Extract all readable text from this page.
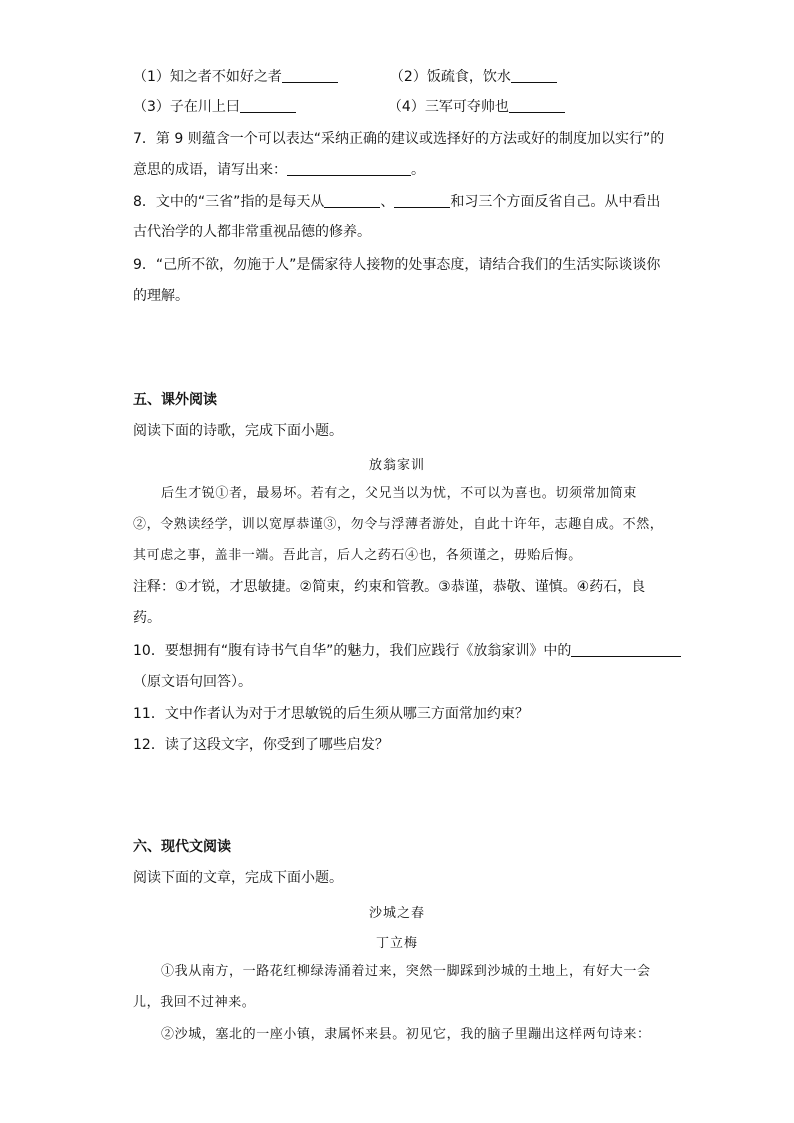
（1）知之者不如好之者	（2）饭疏食，饮水
（3）子在川上曰	（4）三军可夺帅也
7．第 9 则蕴含一个可以表达“采纳正确的建议或选择好的方法或好的制度加以实行”的
意思的成语，请写出来：	。
8．文中的“三省”指的是每天从	、	和习三个方面反省自己。从中看出
古代治学的人都非常重视品德的修养。
9．“己所不欲，勿施于人”是儒家待人接物的处事态度，请结合我们的生活实际谈谈你
的理解。
五、课外阅读
阅读下面的诗歌，完成下面小题。
放翁家训
后生才锐①者，最易坏。若有之，父兄当以为忧，不可以为喜也。切须常加简束
②，令熟读经学，训以宽厚恭谨③，勿令与浮薄者游处，自此十许年，志趣自成。不然，
其可虑之事，盖非一端。吾此言，后人之药石④也，各须谨之，毋贻后悔。
注释：①才锐，才思敏捷。②简束，约束和管教。③恭谨，恭敬、谨慎。④药石，良
药。
10．要想拥有“腹有诗书气自华”的魅力，我们应践行《放翁家训》中的
（原文语句回答）。
11．文中作者认为对于才思敏锐的后生须从哪三方面常加约束？
12．读了这段文字，你受到了哪些启发？
六、现代文阅读
阅读下面的文章，完成下面小题。
沙城之春
丁立梅
①我从南方，一路花红柳绿涛涌着过来，突然一脚踩到沙城的土地上，有好大一会
儿，我回不过神来。
②沙城，塞北的一座小镇，隶属怀来县。初见它，我的脑子里蹦出这样两句诗来：
